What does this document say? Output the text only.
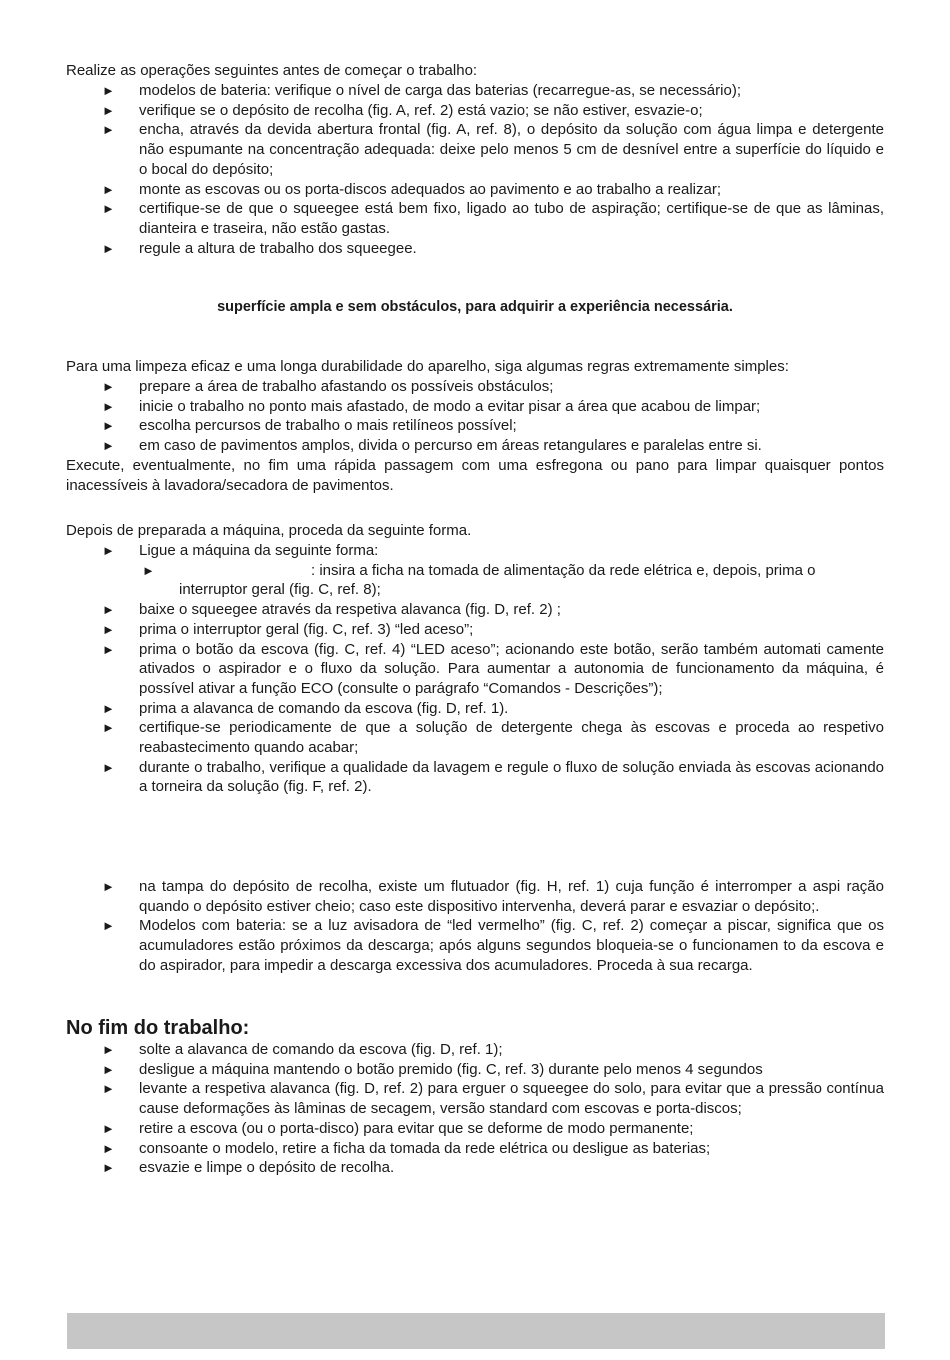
Realize as operações seguintes antes de começar o trabalho:

► modelos de bateria: verifique o nível de carga das baterias (recarregue-as, se necessário);
► verifique se o depósito de recolha (fig. A, ref. 2) está vazio; se não estiver, esvazie-o;
► encha, através da devida abertura frontal (fig. A, ref. 8), o depósito da solução com água limpa e detergente não espumante na concentração adequada: deixe pelo menos 5 cm de desnível entre a superfície do líquido e o bocal do depósito;
► monte as escovas ou os porta-discos adequados ao pavimento e ao trabalho a realizar;
► certifique-se de que o squeegee está bem fixo, ligado ao tubo de aspiração; certifique-se de que as lâminas, dianteira e traseira, não estão gastas.
► regule a altura de trabalho dos squeegee.

superfície ampla e sem obstáculos, para adquirir a experiência necessária.

Para uma limpeza eficaz e uma longa durabilidade do aparelho, siga algumas regras extremamente simples:

► prepare a área de trabalho afastando os possíveis obstáculos;
► inicie o trabalho no ponto mais afastado, de modo a evitar pisar a área que acabou de limpar;
► escolha percursos de trabalho o mais retilíneos possível;
► em caso de pavimentos amplos, divida o percurso em áreas retangulares e paralelas entre si.

Execute, eventualmente, no fim uma rápida passagem com uma esfregona ou pano para limpar quaisquer pontos inacessíveis à lavadora/secadora de pavimentos.

Depois de preparada a máquina, proceda da seguinte forma.

► Ligue a máquina da seguinte forma:
►	: insira a ficha na tomada de alimentação da rede elétrica e, depois, prima o interruptor geral (fig. C, ref. 8);
► baixe o squeegee através da respetiva alavanca (fig. D, ref. 2) ;
► prima o interruptor geral (fig. C, ref. 3) “led aceso”;
► prima o botão da escova (fig. C, ref. 4) “LED aceso”; acionando este botão, serão também automati camente ativados o aspirador e o fluxo da solução. Para aumentar a autonomia de funcionamento da máquina, é possível ativar a função ECO (consulte o parágrafo “Comandos - Descrições”);
► prima a alavanca de comando da escova (fig. D, ref. 1).
► certifique-se periodicamente de que a solução de detergente chega às escovas e proceda ao respetivo reabastecimento quando acabar;
► durante o trabalho, verifique a qualidade da lavagem e regule o fluxo de solução enviada às escovas acionando a torneira da solução (fig. F, ref. 2).
► na tampa do depósito de recolha, existe um flutuador (fig. H, ref. 1) cuja função é interromper a aspi ração quando o depósito estiver cheio; caso este dispositivo intervenha, deverá parar e esvaziar o depósito;.
► Modelos com bateria: se a luz avisadora de “led vermelho” (fig. C, ref. 2) começar a piscar, significa que os acumuladores estão próximos da descarga; após alguns segundos bloqueia-se o funcionamen to da escova e do aspirador, para impedir a descarga excessiva dos acumuladores. Proceda à sua recarga.
No fim do trabalho:
► solte a alavanca de comando da escova (fig. D, ref. 1);
► desligue a máquina mantendo o botão premido (fig. C, ref. 3) durante pelo menos 4 segundos
► levante a respetiva alavanca (fig. D, ref. 2) para erguer o squeegee do solo, para evitar que a pressão contínua cause deformações às lâminas de secagem, versão standard com escovas e porta-discos;
► retire a escova (ou o porta-disco) para evitar que se deforme de modo permanente;
► consoante o modelo, retire a ficha da tomada da rede elétrica ou desligue as baterias;
► esvazie e limpe o depósito de recolha.
